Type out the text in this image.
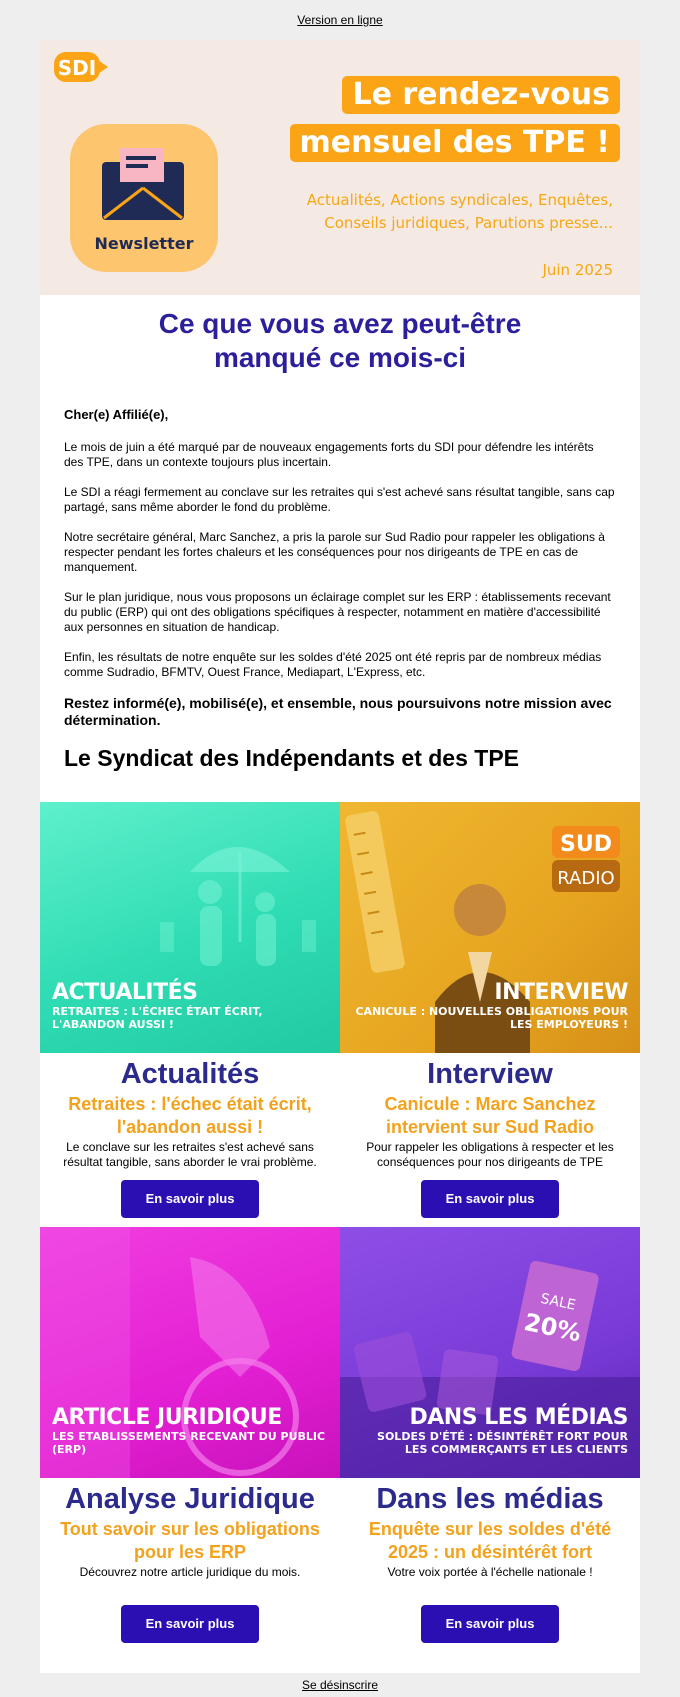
Version en ligne
SDI
Newsletter
Le rendez-vous
mensuel des TPE !
Actualités, Actions syndicales, Enquêtes, Conseils juridiques, Parutions presse...
Juin 2025
Ce que vous avez peut-être
manqué ce mois-ci
Cher(e) Affilié(e),

Le mois de juin a été marqué par de nouveaux engagements forts du SDI pour défendre les intérêts des TPE, dans un contexte toujours plus incertain.

Le SDI a réagi fermement au conclave sur les retraites qui s'est achevé sans résultat tangible, sans cap partagé, sans même aborder le fond du problème.

Notre secrétaire général, Marc Sanchez, a pris la parole sur Sud Radio pour rappeler les obligations à respecter pendant les fortes chaleurs et les conséquences pour nos dirigeants de TPE en cas de manquement.

Sur le plan juridique, nous vous proposons un éclairage complet sur les ERP : établissements recevant du public (ERP) qui ont des obligations spécifiques à respecter, notamment en matière d'accessibilité aux personnes en situation de handicap.

Enfin, les résultats de notre enquête sur les soldes d'été 2025 ont été repris par de nombreux médias comme Sudradio, BFMTV, Ouest France, Mediapart, L'Express, etc.

Restez informé(e), mobilisé(e), et ensemble, nous poursuivons notre mission avec détermination.
Le Syndicat des Indépendants et des TPE
ACTUALITÉS
RETRAITES : L'ÉCHEC ÉTAIT ÉCRIT, L'ABANDON AUSSI !
Actualités
Retraites : l'échec était écrit, l'abandon aussi !
Le conclave sur les retraites s'est achevé sans résultat tangible, sans aborder le vrai problème.
En savoir plus
SUD
RADIO
INTERVIEW
CANICULE : NOUVELLES OBLIGATIONS POUR LES EMPLOYEURS !
Interview
Canicule : Marc Sanchez intervient sur Sud Radio
Pour rappeler les obligations à respecter et les conséquences pour nos dirigeants de TPE
En savoir plus
ARTICLE JURIDIQUE
LES ETABLISSEMENTS RECEVANT DU PUBLIC (ERP)
Analyse Juridique
Tout savoir sur les obligations pour les ERP
Découvrez notre article juridique du mois.
En savoir plus
SALE
20%
DANS LES MÉDIAS
SOLDES D'ÉTÉ : DÉSINTÉRÊT FORT POUR LES COMMERÇANTS ET LES CLIENTS
Dans les médias
Enquête sur les soldes d'été 2025 : un désintérêt fort
Votre voix portée à l'échelle nationale !
En savoir plus
Se désinscrire
